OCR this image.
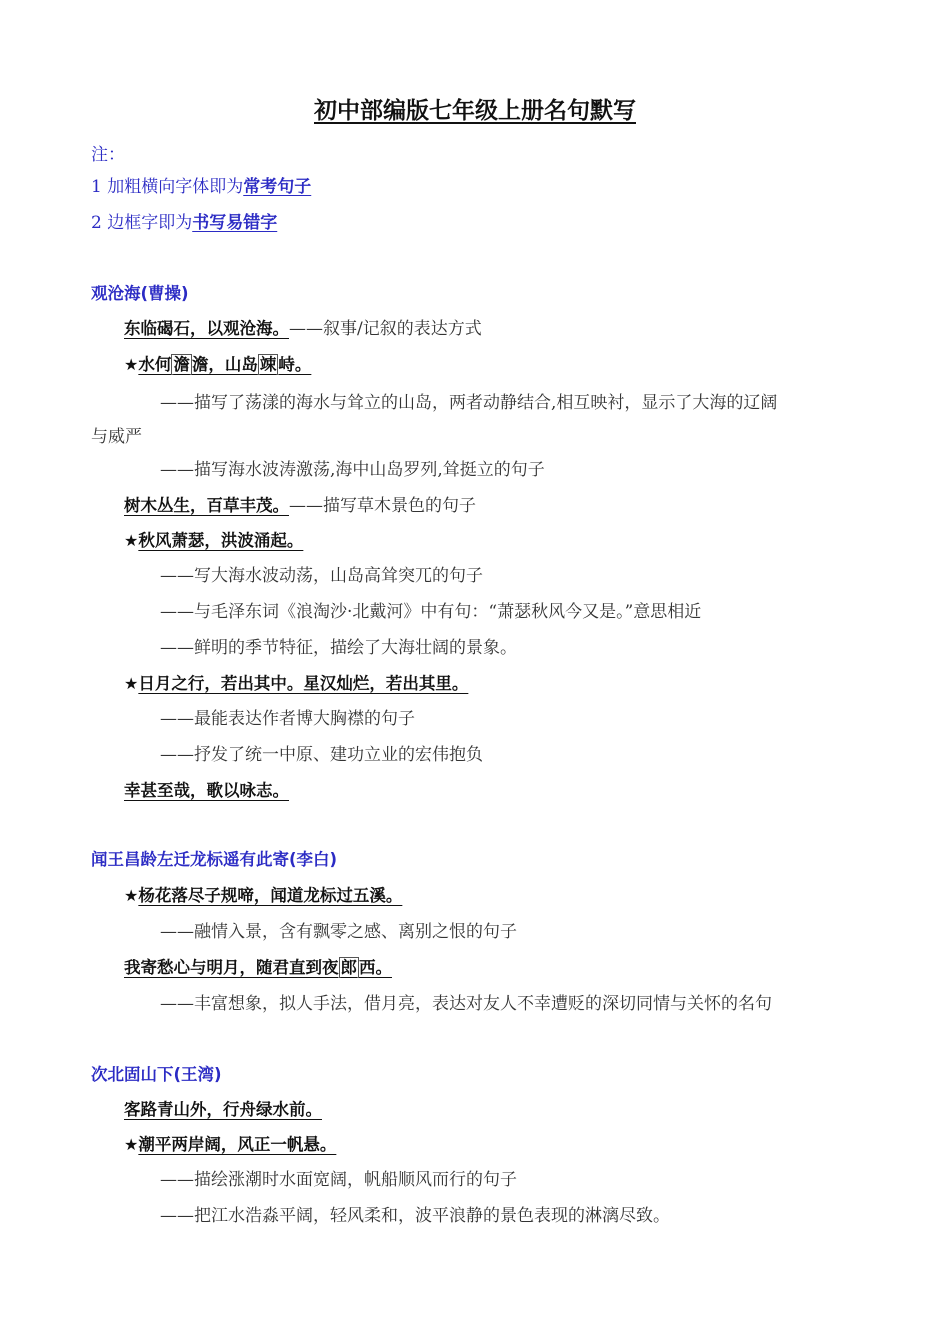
初中部编版七年级上册名句默写
注：
1 加粗横向字体即为常考句子
2 边框字即为书写易错字
观沧海(曹操)
东临碣石，以观沧海。——叙事/记叙的表达方式
★水何 澹 澹，山岛 竦 峙。
——描写了荡漾的海水与耸立的山岛，两者动静结合,相互映衬，显示了大海的辽阔
与威严
——描写海水波涛激荡,海中山岛罗列,耸挺立的句子
树木丛生，百草丰茂。——描写草木景色的句子
★秋风萧瑟，洪波涌起。
——写大海水波动荡，山岛高耸突兀的句子
——与毛泽东词《浪淘沙·北戴河》中有句：“萧瑟秋风今又是。”意思相近
——鲜明的季节特征，描绘了大海壮阔的景象。
★日月之行，若出其中。星汉灿烂，若出其里。
——最能表达作者博大胸襟的句子
——抒发了统一中原、建功立业的宏伟抱负
幸甚至哉，歌以咏志。
闻王昌龄左迁龙标遥有此寄(李白)
★杨花落尽子规啼，闻道龙标过五溪。
——融情入景，含有飘零之感、离别之恨的句子
我寄愁心与明月，随君直到夜 郎 西。
——丰富想象，拟人手法，借月亮，表达对友人不幸遭贬的深切同情与关怀的名句
次北固山下(王湾)
客路青山外，行舟绿水前。
★潮平两岸阔，风正一帆悬。
——描绘涨潮时水面宽阔，帆船顺风而行的句子
——把江水浩淼平阔，轻风柔和，波平浪静的景色表现的淋漓尽致。
